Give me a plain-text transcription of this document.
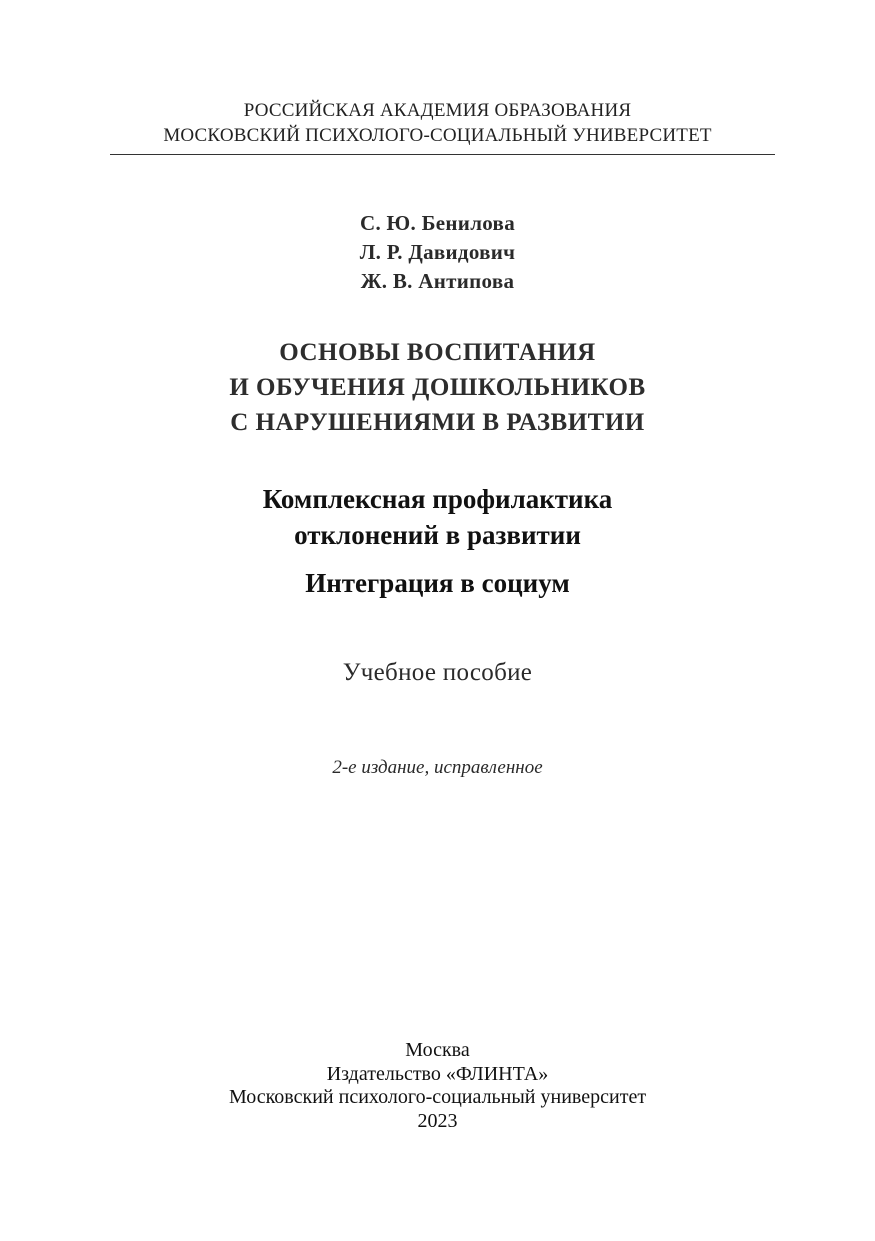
РОССИЙСКАЯ АКАДЕМИЯ ОБРАЗОВАНИЯ
МОСКОВСКИЙ ПСИХОЛОГО-СОЦИАЛЬНЫЙ УНИВЕРСИТЕТ
С. Ю. Бенилова
Л. Р. Давидович
Ж. В. Антипова
ОСНОВЫ ВОСПИТАНИЯ
И ОБУЧЕНИЯ ДОШКОЛЬНИКОВ
С НАРУШЕНИЯМИ В РАЗВИТИИ
Комплексная профилактика
отклонений в развитии
Интеграция в социум
Учебное пособие
2-е издание, исправленное
Москва
Издательство «ФЛИНТА»
Московский психолого-социальный университет
2023
